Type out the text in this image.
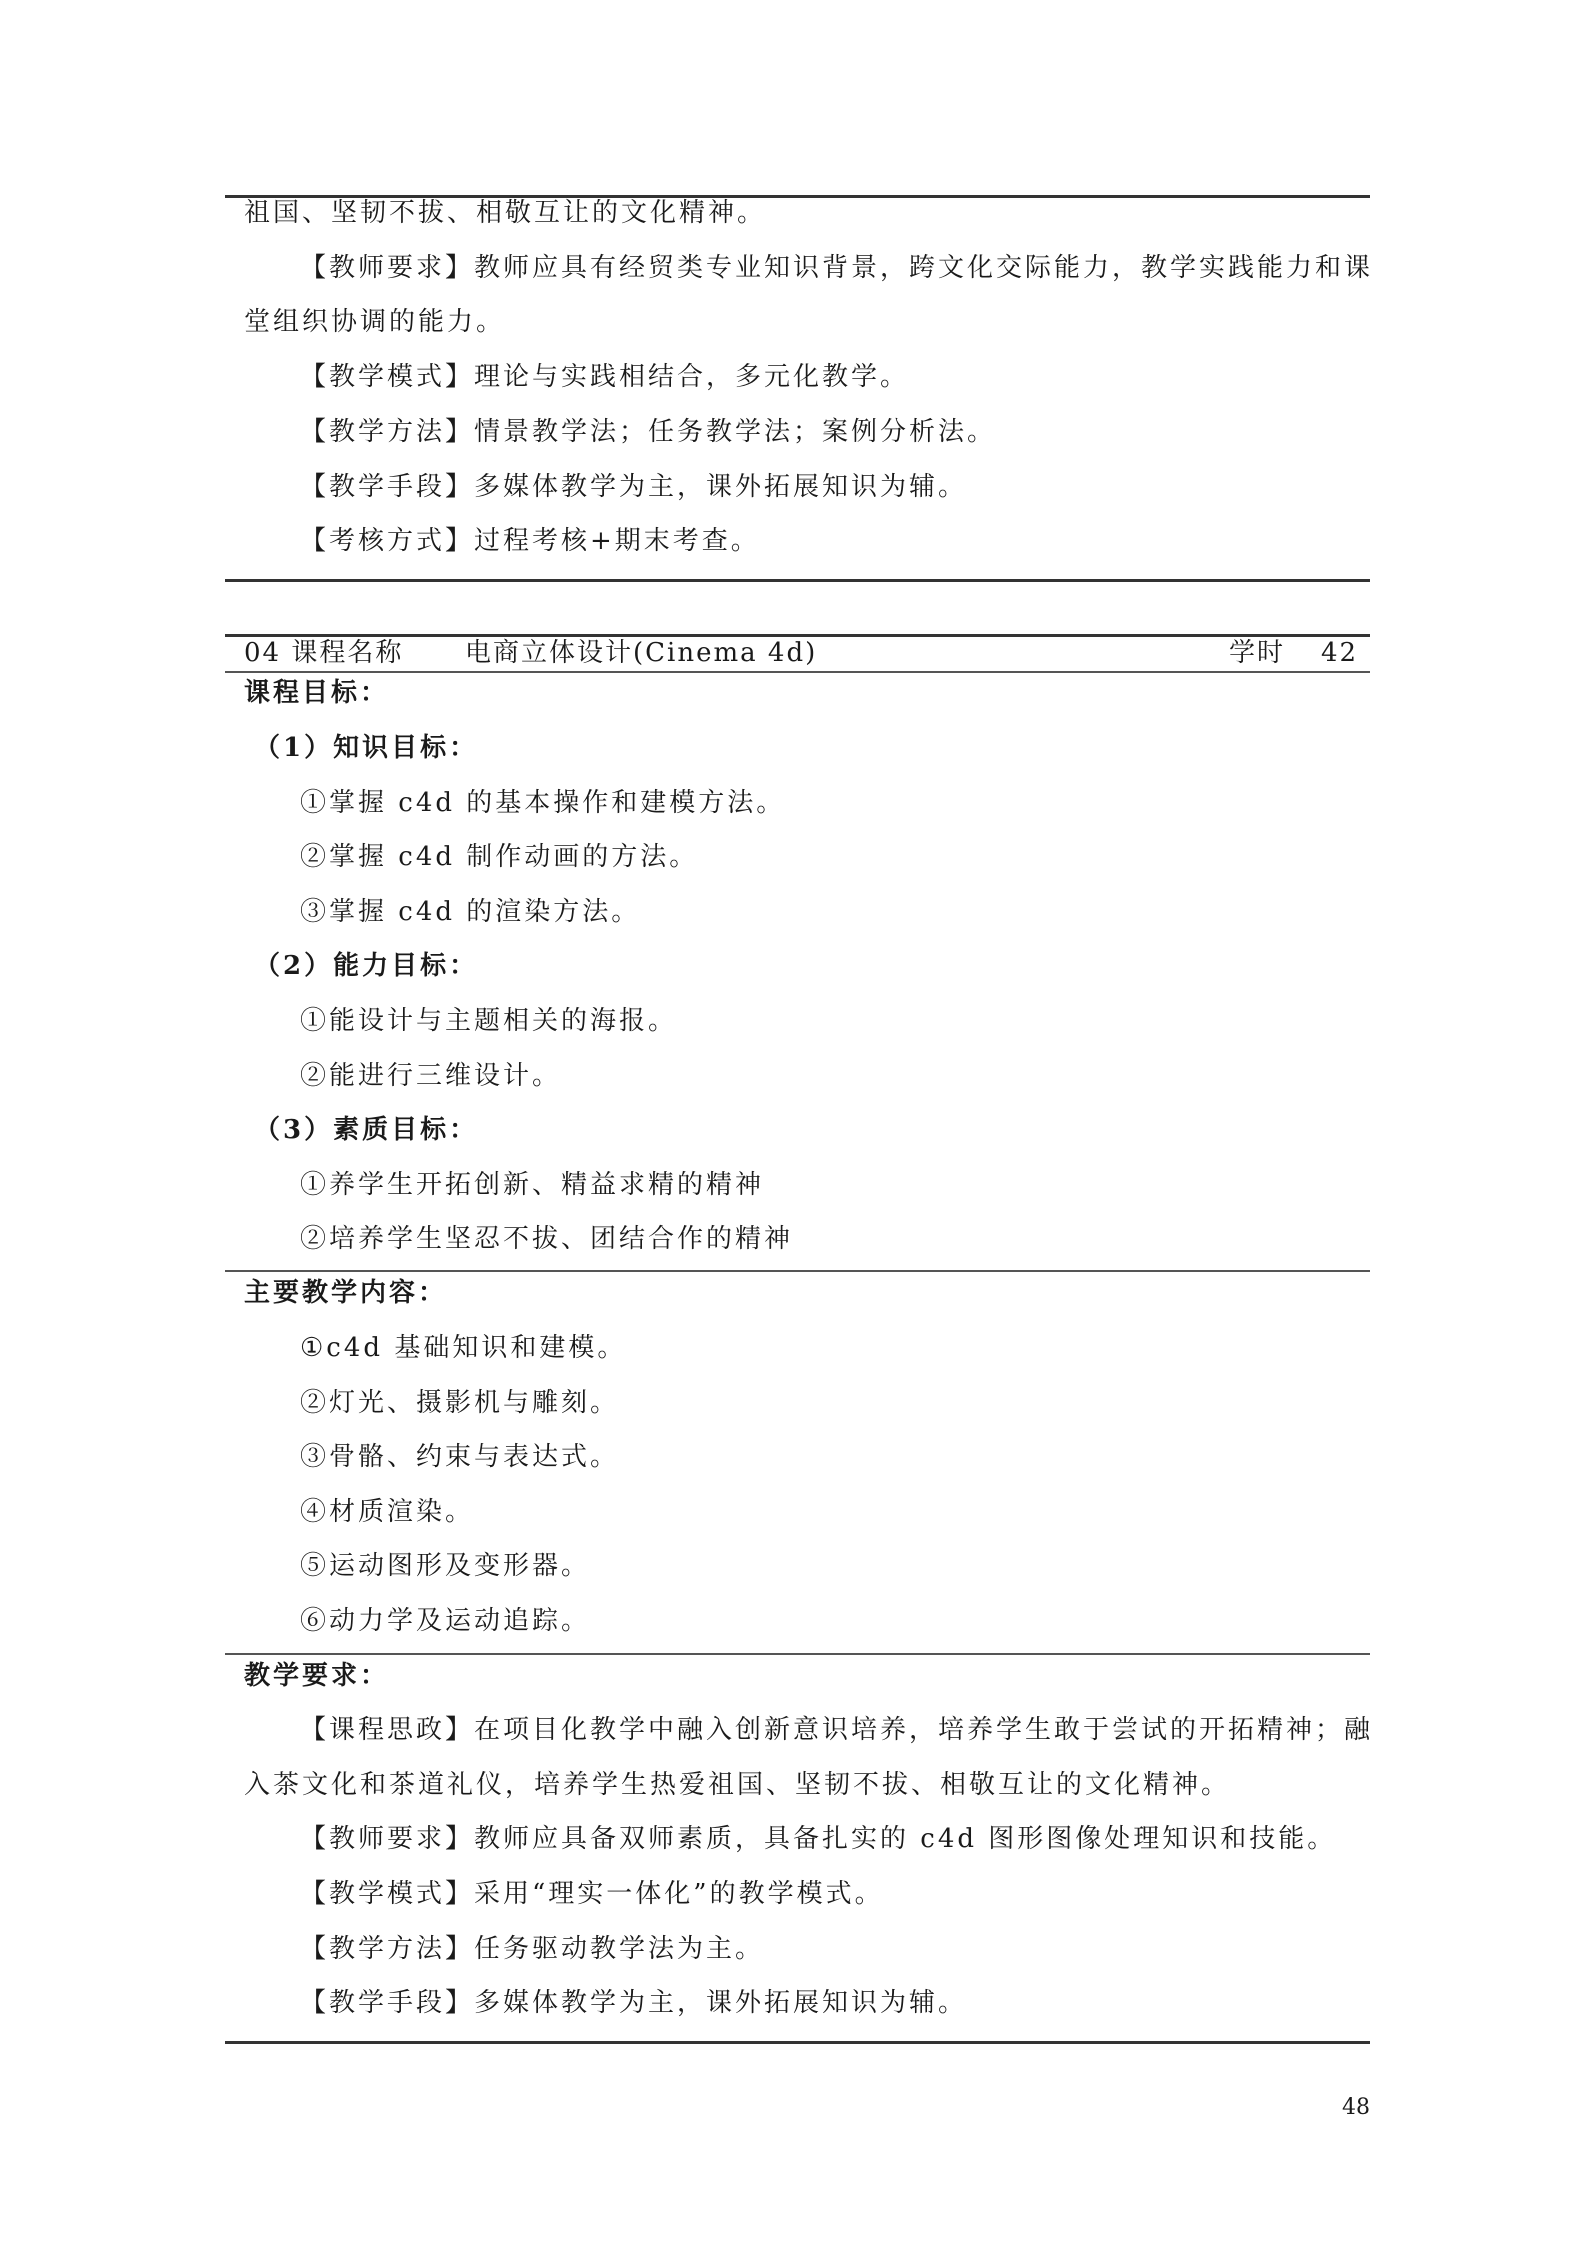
祖国、坚韧不拔、相敬互让的文化精神。
【教师要求】教师应具有经贸类专业知识背景，跨文化交际能力，教学实践能力和课
堂组织协调的能力。
【教学模式】理论与实践相结合，多元化教学。
【教学方法】情景教学法；任务教学法；案例分析法。
【教学手段】多媒体教学为主，课外拓展知识为辅。
【考核方式】过程考核+期末考查。
04 课程名称 电商立体设计(Cinema 4d)	学时 42
课程目标：
（1）知识目标：
①掌握 c4d 的基本操作和建模方法。
②掌握 c4d 制作动画的方法。
③掌握 c4d 的渲染方法。
（2）能力目标：
①能设计与主题相关的海报。
②能进行三维设计。
（3）素质目标：
①养学生开拓创新、精益求精的精神
②培养学生坚忍不拔、团结合作的精神
主要教学内容：
①c4d 基础知识和建模。
②灯光、摄影机与雕刻。
③骨骼、约束与表达式。
④材质渲染。
⑤运动图形及变形器。
⑥动力学及运动追踪。
教学要求：
【课程思政】在项目化教学中融入创新意识培养，培养学生敢于尝试的开拓精神；融
入茶文化和茶道礼仪，培养学生热爱祖国、坚韧不拔、相敬互让的文化精神。
【教师要求】教师应具备双师素质，具备扎实的 c4d 图形图像处理知识和技能。
【教学模式】采用“理实一体化”的教学模式。
【教学方法】任务驱动教学法为主。
【教学手段】多媒体教学为主，课外拓展知识为辅。
48
